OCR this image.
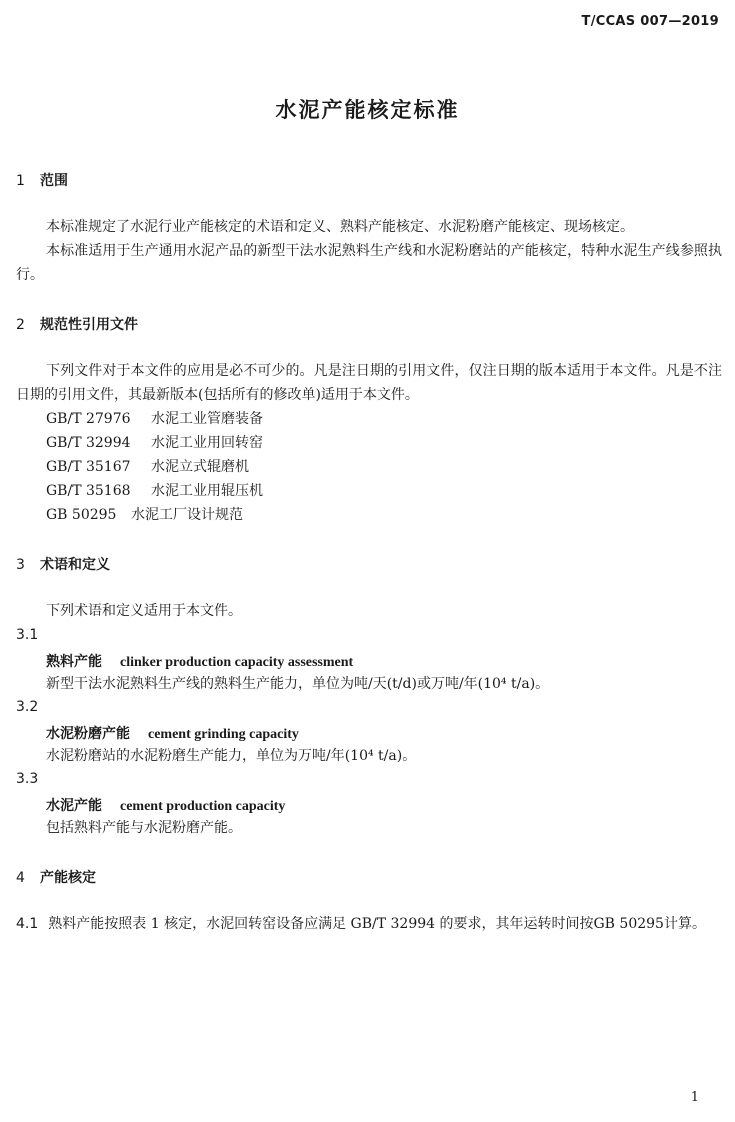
T/CCAS 007—2019
水泥产能核定标准
1 范围

本标准规定了水泥行业产能核定的术语和定义、熟料产能核定、水泥粉磨产能核定、现场核定。

本标准适用于生产通用水泥产品的新型干法水泥熟料生产线和水泥粉磨站的产能核定，特种水泥生产线参照执行。

2 规范性引用文件

下列文件对于本文件的应用是必不可少的。凡是注日期的引用文件，仅注日期的版本适用于本文件。凡是不注日期的引用文件，其最新版本(包括所有的修改单)适用于本文件。

GB/T 27976 水泥工业管磨装备
GB/T 32994 水泥工业用回转窑
GB/T 35167 水泥立式辊磨机
GB/T 35168 水泥工业用辊压机
GB 50295 水泥工厂设计规范
3 术语和定义

下列术语和定义适用于本文件。

3.1
熟料产能 clinker production capacity assessment

新型干法水泥熟料生产线的熟料生产能力，单位为吨/天(t/d)或万吨/年(10⁴ t/a)。

3.2
水泥粉磨产能 cement grinding capacity

水泥粉磨站的水泥粉磨生产能力，单位为万吨/年(10⁴ t/a)。

3.3
水泥产能 cement production capacity

包括熟料产能与水泥粉磨产能。

4 产能核定

4.1 熟料产能按照表 1 核定，水泥回转窑设备应满足 GB/T 32994 的要求，其年运转时间按GB 50295计算。

1
